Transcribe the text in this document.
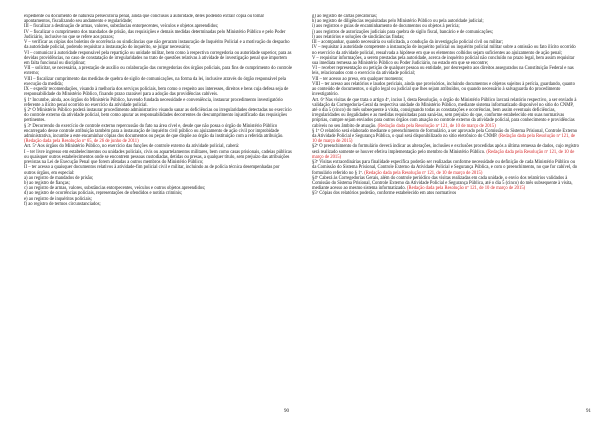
expediente ou documento de natureza persecutória penal, ainda que conclusos à autoridade, deles podendo extrair cópia ou tomar apontamentos, fiscalizando seu andamento e regularidade;

III – fiscalizar a destinação de armas, valores, substâncias entorpecentes, veículos e objetos apreendidos;

IV – fiscalizar o cumprimento dos mandados de prisão, das requisições e demais medidas determinadas pelo Ministério Público e pelo Poder Judiciário, inclusive no que se refere aos prazos;

V – verificar as cópias dos boletins de ocorrência ou sindicâncias que não geraram instauração de Inquérito Policial e a motivação do despacho da autoridade policial, podendo requisitar a instauração do inquérito, se julgar necessário;

VI – comunicar à autoridade responsável pela repartição ou unidade militar, bem como à respectiva corregedoria ou autoridade superior, para as devidas providências, no caso de constatação de irregularidades no trato de questões relativas à atividade de investigação penal que importem em falta funcional ou disciplinar;

VII – solicitar, se necessária, a prestação de auxílio ou colaboração das corregedorias dos órgãos policiais, para fins de cumprimento do controle externo;

VIII – fiscalizar cumprimento das medidas de quebra de sigilo de comunicações, na forma da lei, inclusive através do órgão responsável pela execução da medida;

IX – expedir recomendações, visando à melhoria dos serviços policiais, bem como o respeito aos interesses, direitos e bens cuja defesa seja de responsabilidade do Ministério Público, fixando prazo razoável para a adoção das providências cabíveis.

§ 1º Incumbe, ainda, aos órgãos do Ministério Público, havendo fundada necessidade e conveniência, instaurar procedimento investigatório referente a ilícito penal ocorrido no exercício da atividade policial.

§ 2º O Ministério Público poderá instaurar procedimento administrativo visando sanar as deficiências ou irregularidades detectadas no exercício do controle externo da atividade policial, bem como apurar as responsabilidades decorrentes do descumprimento injustificado das requisições pertinentes.

§ 3º Decorrendo do exercício de controle externo repercussão do fato na área cível e, desde que não possa o órgão do Ministério Público encarregado desse controle atribuição também para a instauração de inquérito civil público ou ajuizamento de ação civil por improbidade administrativa, incumbe a este encaminhar cópias dos documentos ou peças de que dispõe ao órgão da instituição com a referida atribuição. (Redação dada pela Resolução nº 65, de 26 de junho de 2011)

Art. 5º Aos órgãos do Ministério Público, no exercício das funções de controle externo da atividade policial, caberá:

I – ter livre ingresso em estabelecimentos ou unidades policiais, civis ou aquartelamentos militares, bem como casas prisionais, cadeias públicas ou quaisquer outros estabelecimentos onde se encontrem pessoas custodiadas, detidas ou presas, a qualquer título, sem prejuízo das atribuições previstas na Lei de Execução Penal que forem afetadas a outros membros do Ministério Público;

II – ter acesso a quaisquer documentos relativos à atividade-fim policial civil e militar, incluindo as de polícia técnica desempenhadas por outros órgãos, em especial:

a) ao registro de mandados de prisão;

b) ao registro de fianças;

c) ao registro de armas, valores, substâncias entorpecentes, veículos e outros objetos apreendidos;

d) ao registro de ocorrências policiais, representações de ofendidos e notitia criminis;

e) ao registro de inquéritos policiais;

f) ao registro de termos circunstanciados;

g) ao registro de cartas precatórias;

h) ao registro de diligências requisitadas pelo Ministério Público ou pela autoridade judicial;

i) aos registros e guias de encaminhamento de documentos ou objetos à perícia;

j) aos registros de autorizações judiciais para quebra de sigilo fiscal, bancário e de comunicações;

l) aos relatórios e soluções de sindicâncias findas;

III – acompanhar, quando necessária ou solicitada, a condução da investigação policial civil ou militar;

IV – requisitar à autoridade competente a instauração de inquérito policial ou inquérito policial militar sobre a omissão ou fato ilícito ocorrido no exercício da atividade policial, ressalvada a hipótese em que os elementos colhidos sejam suficientes ao ajuizamento de ação penal;

V – requisitar informações, a serem prestadas pela autoridade, acerca de inquérito policial não concluído no prazo legal, bem assim requisitar sua imediata remessa ao Ministério Público ou Poder Judiciário, no estado em que se encontre;

VI – receber representação ou petição de qualquer pessoa ou entidade, por desrespeito aos direitos assegurados na Constituição Federal e nas leis, relacionados com o exercício da atividade policial;

VII – ter acesso ao preso, em qualquer momento;

VIII – ter acesso aos relatórios e laudos periciais, ainda que provisórios, incluindo documentos e objetos sujeitos à perícia, guardando, quanto ao conteúdo de documentos, o sigilo legal ou judicial que lhes sejam atribuídos, ou quando necessário à salvaguarda do procedimento investigatório.

Art. 6º Nas visitas de que trata o artigo 4º, inciso I, desta Resolução, o órgão do Ministério Público lavrará relatório respectivo, a ser enviado à validação da Corregedoria-Geral da respectiva unidade do Ministério Público, mediante sistema informatizado disponível no sítio do CNMP, até o dia 5 (cinco) do mês subsequente à visita, consignando todas as constatações e ocorrências, bem assim eventuais deficiências, irregularidades ou ilegalidades e as medidas requisitadas para saná-las, sem prejuízo do que, conforme estabelecido em suas normativas próprias, cumpre sejam enviados para outros órgãos com atuação no controle externo da atividade policial, para conhecimento e providências cabíveis no seu âmbito de atuação. (Redação dada pela Resolução nº 121, de 10 de março de 2015)

§ 1º O relatório será elaborado mediante o preenchimento de formulário, a ser aprovado pela Comissão do Sistema Prisional, Controle Externo da Atividade Policial e Segurança Pública, o qual será disponibilizado no sítio eletrônico do CNMP. (Redação dada pela Resolução nº 121, de 10 de março de 2015)

§2º O preenchimento do formulário deverá indicar as alterações, inclusões e exclusões procedidas após a última remessa de dados, cujo registro será realizado somente se houver efetiva implementação pelo membro do Ministério Público. (Redação dada pela Resolução nº 121, de 10 de março de 2015)

§3º Visitas extraordinárias para finalidade específica poderão ser realizadas conforme necessidade ou definição de cada Ministério Público ou da Comissão do Sistema Prisional, Controle Externo da Atividade Policial e Segurança Pública, e com o preenchimento, no que for cabível, do formulário referido no § 1º. (Redação dada pela Resolução nº 121, de 10 de março de 2015)

§4º Caberá às Corregedorias Gerais, além do controle periódico das visitas realizadas em cada unidade, o envio dos relatórios validados à Comissão do Sistema Prisional, Controle Externo da Atividade Policial e Segurança Pública, até o dia 5 (cinco) do mês subsequente à visita, mediante acesso ao mesmo sistema informatizado. (Redação dada pela Resolução nº 121, de 10 de março de 2015)

§5º Cópias dos relatórios poderão, conforme estabelecido em atos normativos

90	91
